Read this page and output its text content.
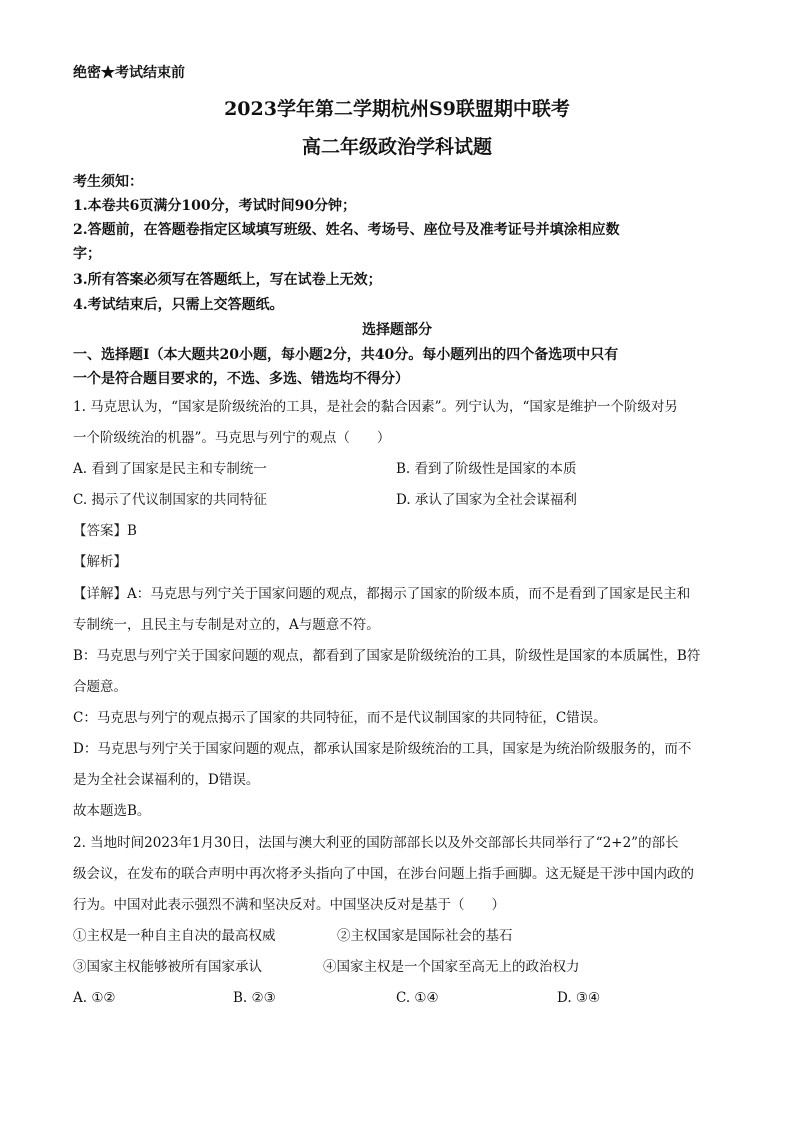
绝密★考试结束前
2023学年第二学期杭州S9联盟期中联考
高二年级政治学科试题
考生须知：
1.本卷共6页满分100分，考试时间90分钟；
2.答题前，在答题卷指定区域填写班级、姓名、考场号、座位号及准考证号并填涂相应数
字；
3.所有答案必须写在答题纸上，写在试卷上无效；
4.考试结束后，只需上交答题纸。
选择题部分
一、选择题Ⅰ（本大题共20小题，每小题2分，共40分。每小题列出的四个备选项中只有
一个是符合题目要求的，不选、多选、错选均不得分）
1. 马克思认为，“国家是阶级统治的工具，是社会的黏合因素”。列宁认为，“国家是维护一个阶级对另
一个阶级统治的机器”。马克思与列宁的观点（　　）
A. 看到了国家是民主和专制统一	B. 看到了阶级性是国家的本质
C. 揭示了代议制国家的共同特征	D. 承认了国家为全社会谋福利
【答案】B
【解析】
【详解】A：马克思与列宁关于国家问题的观点，都揭示了国家的阶级本质，而不是看到了国家是民主和
专制统一，且民主与专制是对立的，A与题意不符。
B：马克思与列宁关于国家问题的观点，都看到了国家是阶级统治的工具，阶级性是国家的本质属性，B符
合题意。
C：马克思与列宁的观点揭示了国家的共同特征，而不是代议制国家的共同特征，C错误。
D：马克思与列宁关于国家问题的观点，都承认国家是阶级统治的工具，国家是为统治阶级服务的，而不
是为全社会谋福利的，D错误。
故本题选B。
2. 当地时间2023年1月30日，法国与澳大利亚的国防部部长以及外交部部长共同举行了“2+2”的部长
级会议，在发布的联合声明中再次将矛头指向了中国，在涉台问题上指手画脚。这无疑是干涉中国内政的
行为。中国对此表示强烈不满和坚决反对。中国坚决反对是基于（　　）
①主权是一种自主自决的最高权威	②主权国家是国际社会的基石
③国家主权能够被所有国家承认	④国家主权是一个国家至高无上的政治权力
A. ①②	B. ②③	C. ①④	D. ③④
